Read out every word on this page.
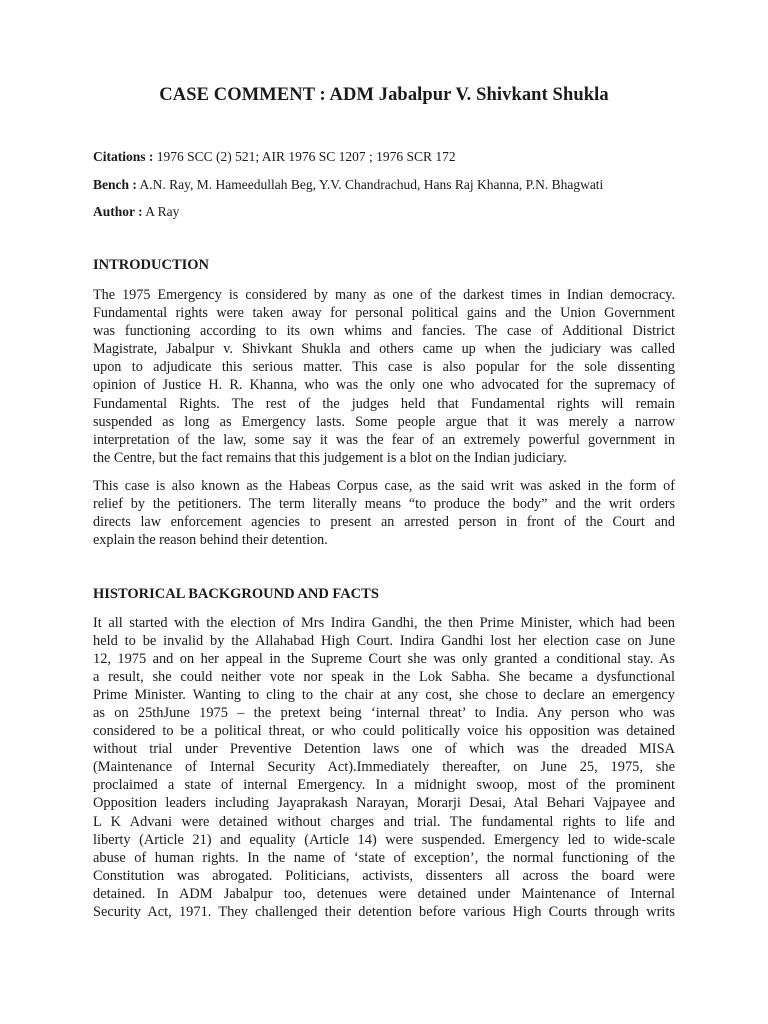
CASE COMMENT : ADM Jabalpur V. Shivkant Shukla

Citations : 1976 SCC (2) 521; AIR 1976 SC 1207 ; 1976 SCR 172

Bench : A.N. Ray, M. Hameedullah Beg, Y.V. Chandrachud, Hans Raj Khanna, P.N. Bhagwati

Author : A Ray

INTRODUCTION
The 1975 Emergency is considered by many as one of the darkest times in Indian democracy.
Fundamental rights were taken away for personal political gains and the Union Government
was functioning according to its own whims and fancies. The case of Additional District
Magistrate, Jabalpur v. Shivkant Shukla and others came up when the judiciary was called
upon to adjudicate this serious matter. This case is also popular for the sole dissenting
opinion of Justice H. R. Khanna, who was the only one who advocated for the supremacy of
Fundamental Rights. The rest of the judges held that Fundamental rights will remain
suspended as long as Emergency lasts. Some people argue that it was merely a narrow
interpretation of the law, some say it was the fear of an extremely powerful government in
the Centre, but the fact remains that this judgement is a blot on the Indian judiciary.
This case is also known as the Habeas Corpus case, as the said writ was asked in the form of
relief by the petitioners. The term literally means “to produce the body” and the writ orders
directs law enforcement agencies to present an arrested person in front of the Court and
explain the reason behind their detention.
HISTORICAL BACKGROUND AND FACTS
It all started with the election of Mrs Indira Gandhi, the then Prime Minister, which had been
held to be invalid by the Allahabad High Court. Indira Gandhi lost her election case on June
12, 1975 and on her appeal in the Supreme Court she was only granted a conditional stay. As
a result, she could neither vote nor speak in the Lok Sabha. She became a dysfunctional
Prime Minister. Wanting to cling to the chair at any cost, she chose to declare an emergency
as on 25thJune 1975 – the pretext being ‘internal threat’ to India. Any person who was
considered to be a political threat, or who could politically voice his opposition was detained
without trial under Preventive Detention laws one of which was the dreaded MISA
(Maintenance of Internal Security Act).Immediately thereafter, on June 25, 1975, she
proclaimed a state of internal Emergency. In a midnight swoop, most of the prominent
Opposition leaders including Jayaprakash Narayan, Morarji Desai, Atal Behari Vajpayee and
L K Advani were detained without charges and trial. The fundamental rights to life and
liberty (Article 21) and equality (Article 14) were suspended. Emergency led to wide-scale
abuse of human rights. In the name of ‘state of exception’, the normal functioning of the
Constitution was abrogated. Politicians, activists, dissenters all across the board were
detained. In ADM Jabalpur too, detenues were detained under Maintenance of Internal
Security Act, 1971. They challenged their detention before various High Courts through writs
